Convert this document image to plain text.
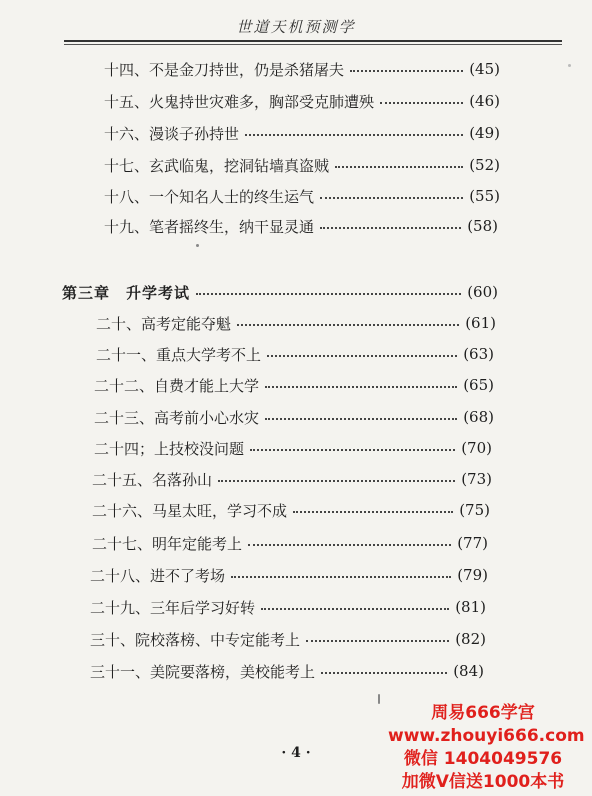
世道天机预测学
十四、不是金刀持世，仍是杀猪屠夫	(45)
十五、火鬼持世灾难多，胸部受克肺遭殃	(46)
十六、漫谈子孙持世	(49)
十七、玄武临鬼，挖洞钻墙真盗贼	(52)
十八、一个知名人士的终生运气	(55)
十九、笔者摇终生，纳干显灵通	(58)
第三章　升学考试	(60)
二十、高考定能夺魁	(61)
二十一、重点大学考不上	(63)
二十二、自费才能上大学	(65)
二十三、高考前小心水灾	(68)
二十四；上技校没问题	(70)
二十五、名落孙山	(73)
二十六、马星太旺，学习不成	(75)
二十七、明年定能考上	(77)
二十八、进不了考场	(79)
二十九、三年后学习好转	(81)
三十、院校落榜、中专定能考上	(82)
三十一、美院要落榜，美校能考上	(84)
· 4 ·
周易666学宫
www.zhouyi666.com
微信 1404049576
加微V信送1000本书
